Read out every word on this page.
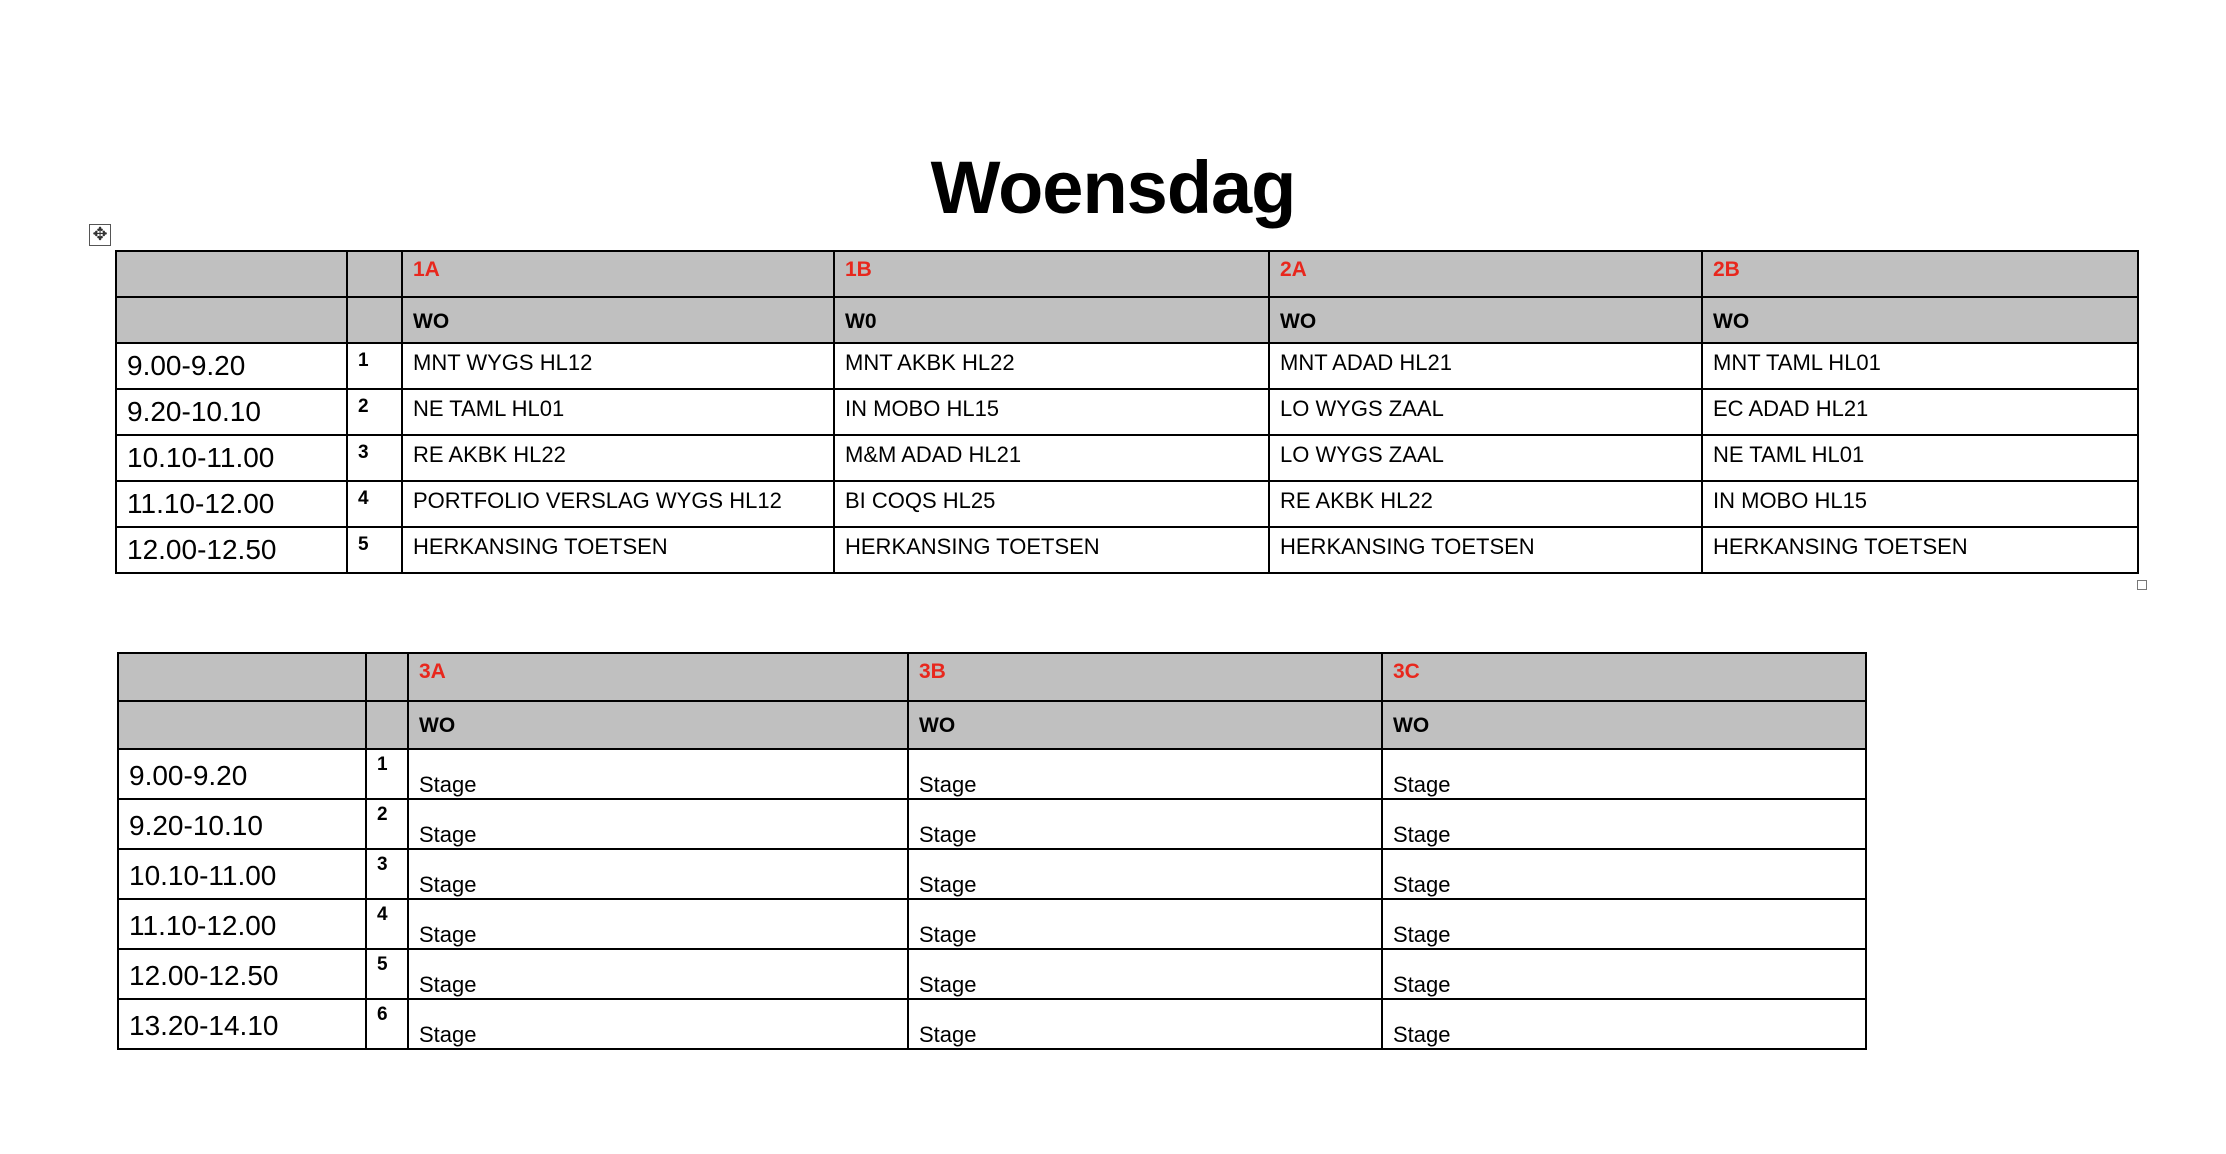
Woensdag
✥
		1A	1B	2A	2B
		WO	W0	WO	WO
9.00-9.20	1	MNT WYGS HL12	MNT AKBK HL22	MNT ADAD HL21	MNT TAML HL01
9.20-10.10	2	NE TAML HL01	IN MOBO HL15	LO WYGS ZAAL	EC ADAD HL21
10.10-11.00	3	RE AKBK HL22	M&M ADAD HL21	LO WYGS ZAAL	NE TAML HL01
11.10-12.00	4	PORTFOLIO VERSLAG WYGS HL12	BI COQS HL25	RE AKBK HL22	IN MOBO HL15
12.00-12.50	5	HERKANSING TOETSEN	HERKANSING TOETSEN	HERKANSING TOETSEN	HERKANSING TOETSEN
		3A	3B	3C
		WO	WO	WO
9.00-9.20	1	Stage	Stage	Stage
9.20-10.10	2	Stage	Stage	Stage
10.10-11.00	3	Stage	Stage	Stage
11.10-12.00	4	Stage	Stage	Stage
12.00-12.50	5	Stage	Stage	Stage
13.20-14.10	6	Stage	Stage	Stage
